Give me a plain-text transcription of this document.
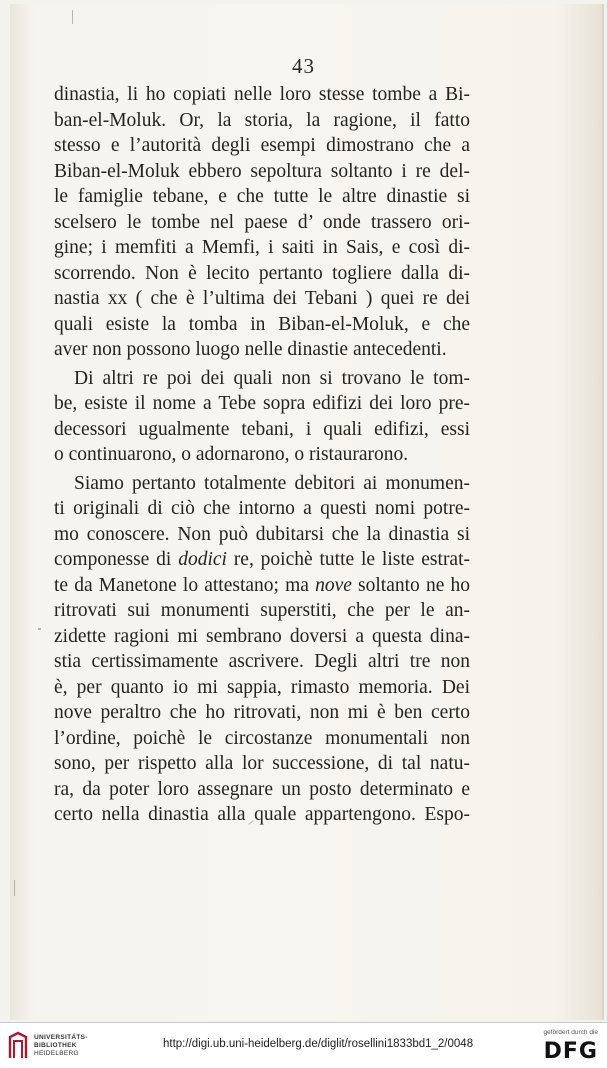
43
dinastia, li ho copiati nelle loro stesse tombe a Bi-
ban-el-Moluk. Or, la storia, la ragione, il fatto
stesso e l’autorità degli esempi dimostrano che a
Biban-el-Moluk ebbero sepoltura soltanto i re del-
le famiglie tebane, e che tutte le altre dinastie si
scelsero le tombe nel paese d’ onde trassero ori-
gine; i memfiti a Memfi, i saiti in Sais, e così di-
scorrendo. Non è lecito pertanto togliere dalla di-
nastia xx ( che è l’ultima dei Tebani ) quei re dei
quali esiste la tomba in Biban-el-Moluk, e che
aver non possono luogo nelle dinastie antecedenti.
Di altri re poi dei quali non si trovano le tom-
be, esiste il nome a Tebe sopra edifizi dei loro pre-
decessori ugualmente tebani, i quali edifizi, essi
o continuarono, o adornarono, o ristaurarono.
Siamo pertanto totalmente debitori ai monumen-
ti originali di ciò che intorno a questi nomi potre-
mo conoscere. Non può dubitarsi che la dinastia si
componesse di dodici re, poichè tutte le liste estrat-
te da Manetone lo attestano; ma nove soltanto ne ho
ritrovati sui monumenti superstiti, che per le an-
zidette ragioni mi sembrano doversi a questa dina-
stia certissimamente ascrivere. Degli altri tre non
è, per quanto io mi sappia, rimasto memoria. Dei
nove peraltro che ho ritrovati, non mi è ben certo
l’ordine, poichè le circostanze monumentali non
sono, per rispetto alla lor successione, di tal natu-
ra, da poter loro assegnare un posto determinato e
certo nella dinastia alla quale appartengono. Espo-
UNIVERSITÄTS-
BIBLIOTHEK
HEIDELBERG
http://digi.ub.uni-heidelberg.de/diglit/rosellini1833bd1_2/0048
gefördert durch die
DFG
